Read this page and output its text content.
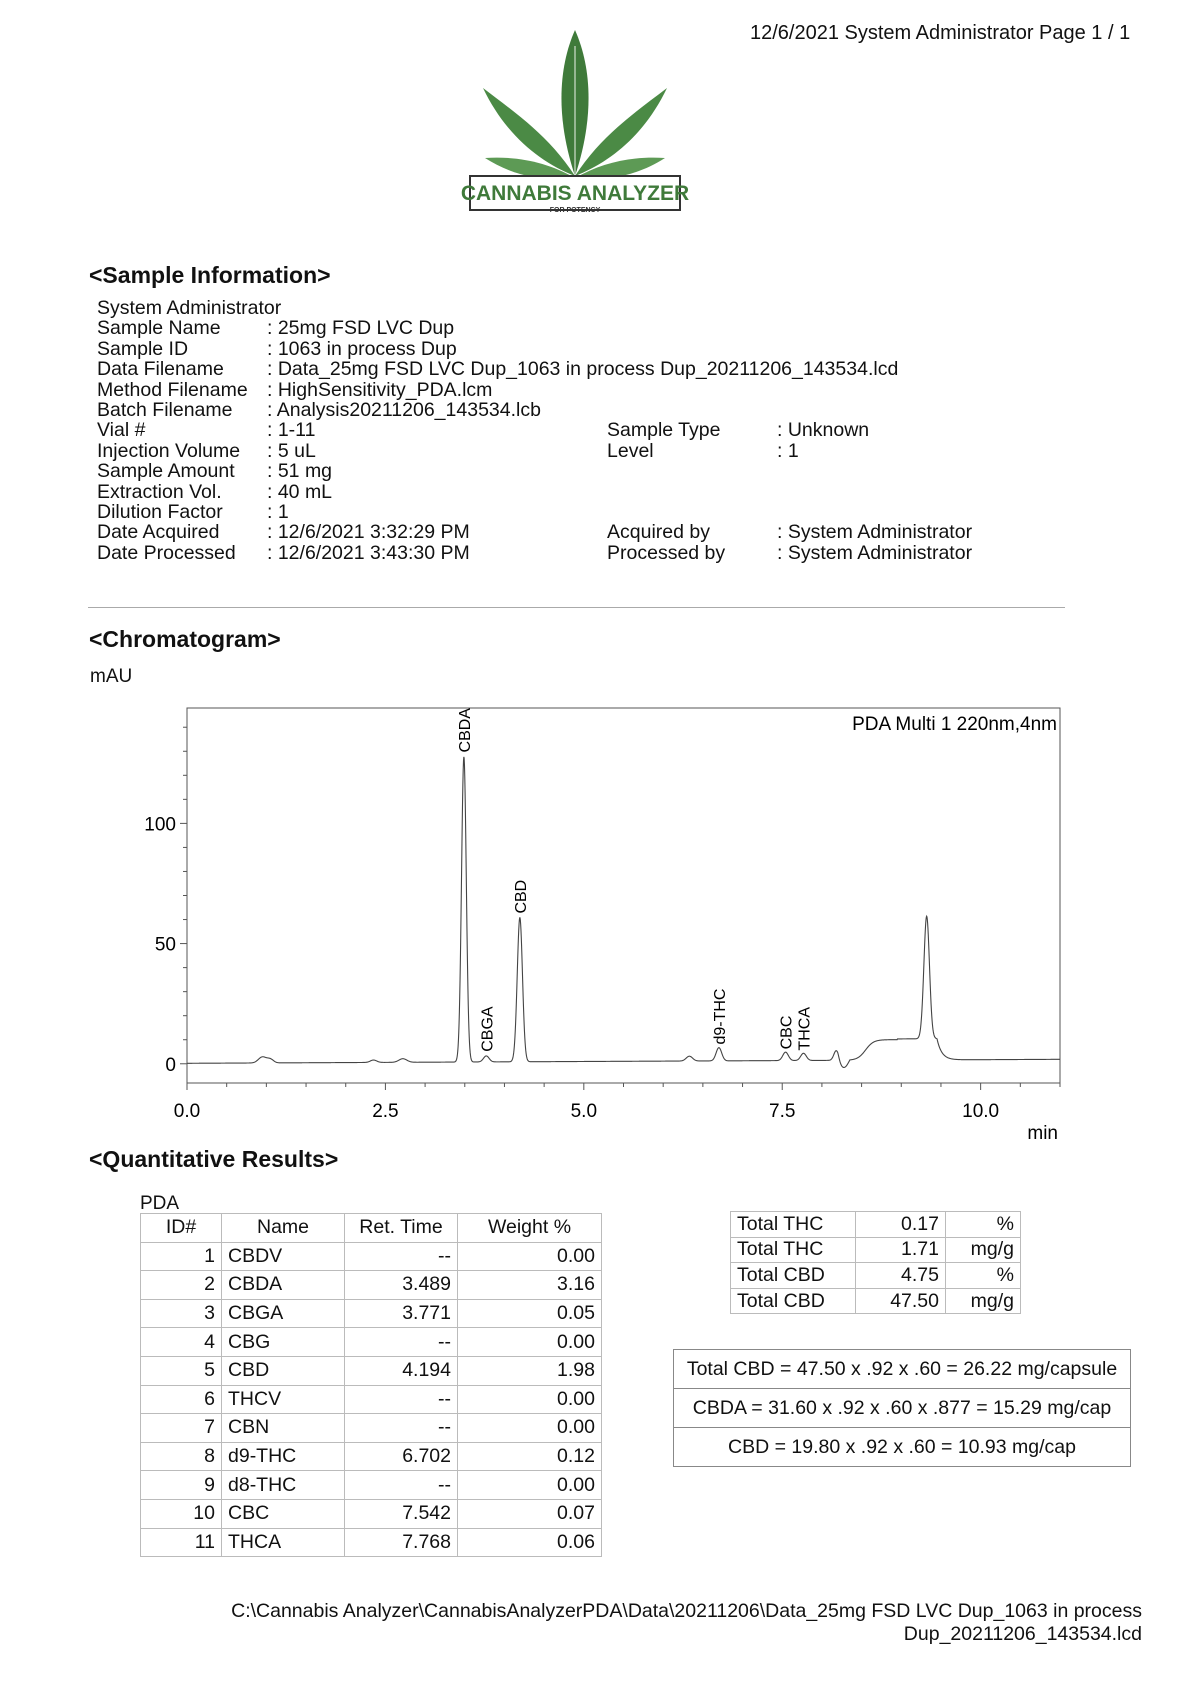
12/6/2021 System Administrator Page 1 / 1
CANNABIS ANALYZER
FOR POTENCY
<Sample Information>
System Administrator
Sample Name	: 25mg FSD LVC Dup
Sample ID	: 1063 in process Dup
Data Filename	: Data_25mg FSD LVC Dup_1063 in process Dup_20211206_143534.lcd
Method Filename : HighSensitivity_PDA.lcm
Batch Filename	: Analysis20211206_143534.lcb
Vial #	: 1-11	Sample Type	: Unknown
Injection Volume	: 5 uL	Level	: 1
Sample Amount	: 51 mg
Extraction Vol.	: 40 mL
Dilution Factor	: 1
Date Acquired	: 12/6/2021 3:32:29 PM	Acquired by	: System Administrator
Date Processed	: 12/6/2021 3:43:30 PM	Processed by	: System Administrator
<Chromatogram>
mAU
0.0	2.5	5.0	7.5	10.0
0
50
100
min
PDA Multi 1 220nm,4nm
CBDA
CBGA
CBD
d9-THC	CBC THCA
<Quantitative Results>
PDA
ID#	Name	Ret. Time	Weight %
1	CBDV	--	0.00
2	CBDA	3.489	3.16
3	CBGA	3.771	0.05
4	CBG	--	0.00
5	CBD	4.194	1.98
6	THCV	--	0.00
7	CBN	--	0.00
8	d9-THC	6.702	0.12
9	d8-THC	--	0.00
10	CBC	7.542	0.07
11	THCA	7.768	0.06
Total THC	0.17	%
Total THC	1.71	mg/g
Total CBD	4.75	%
Total CBD	47.50	mg/g
Total CBD = 47.50 x .92 x .60 = 26.22 mg/capsule
CBDA = 31.60 x .92 x .60 x .877 = 15.29 mg/cap
CBD = 19.80 x .92 x .60 = 10.93 mg/cap
C:\Cannabis Analyzer\CannabisAnalyzerPDA\Data\20211206\Data_25mg FSD LVC Dup_1063 in process
Dup_20211206_143534.lcd
